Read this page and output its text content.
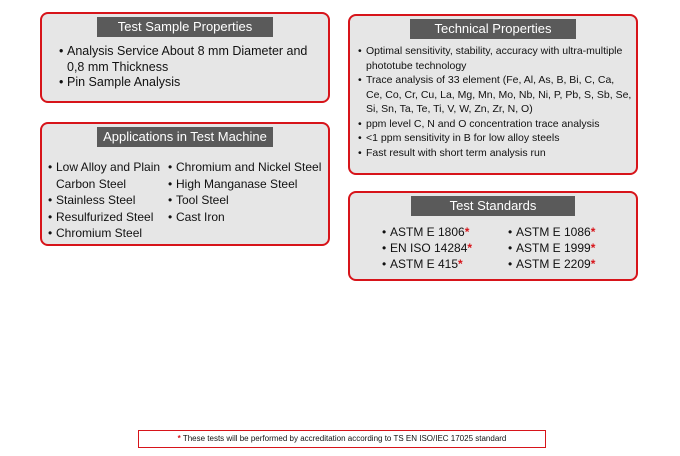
Test Sample Properties
• Analysis Service About 8 mm Diameter and 0,8 mm Thickness
• Pin Sample Analysis
Applications in Test Machine
• Low Alloy and Plain Carbon Steel
• Stainless Steel
• Resulfurized Steel
• Chromium Steel
• Chromium and Nickel Steel
• High Manganase Steel
• Tool Steel
• Cast Iron
Technical Properties
• Optimal sensitivity, stability, accuracy with ultra-multiple phototube technology
• Trace analysis of 33 element (Fe, Al, As, B, Bi, C, Ca, Ce, Co, Cr, Cu, La, Mg, Mn, Mo, Nb, Ni, P, Pb, S, Sb, Se, Si, Sn, Ta, Te, Ti, V, W, Zn, Zr, N, O)
• ppm level C, N and O concentration trace analysis
• <1 ppm sensitivity in B for low alloy steels
• Fast result with short term analysis run
Test Standards
• ASTM E 1806*
• EN ISO 14284*
• ASTM E 415*
• ASTM E 1086*
• ASTM E 1999*
• ASTM E 2209*
* These tests will be performed by accreditation according to TS EN ISO/IEC 17025 standard
